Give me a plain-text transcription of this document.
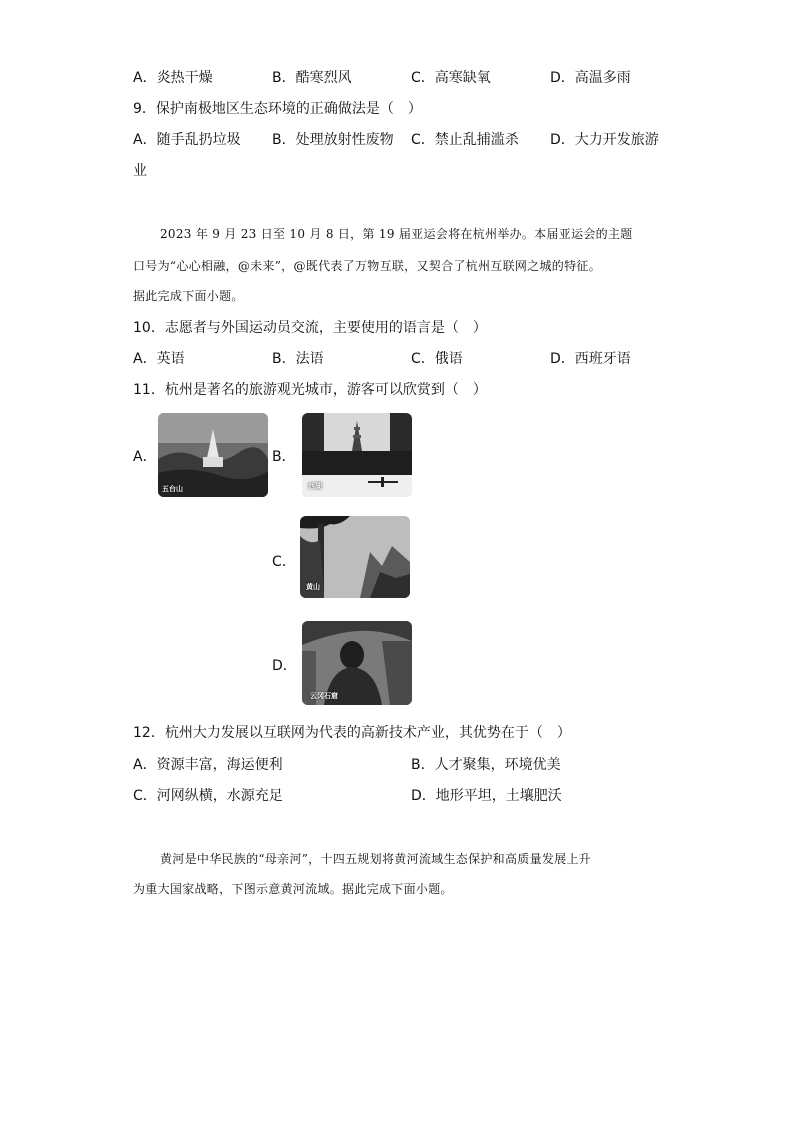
A．炎热干燥	B．酷寒烈风	C．高寒缺氧	D．高温多雨
9．保护南极地区生态环境的正确做法是（　）
A．随手乱扔垃圾 B．处理放射性废物 C．禁止乱捕滥杀 D．大力开发旅游
业
2023 年 9 月 23 日至 10 月 8 日，第 19 届亚运会将在杭州举办。本届亚运会的主题
口号为“心心相融，@未来”，@既代表了万物互联，又契合了杭州互联网之城的特征。
据此完成下面小题。
10．志愿者与外国运动员交流，主要使用的语言是（　）
A．英语	B．法语	C．俄语	D．西班牙语
11．杭州是著名的旅游观光城市，游客可以欣赏到（　）
A．
五台山
B．
西湖
C．
黄山
D．
云冈石窟
12．杭州大力发展以互联网为代表的高新技术产业，其优势在于（　）
A．资源丰富，海运便利	B．人才聚集，环境优美
C．河网纵横，水源充足	D．地形平坦，土壤肥沃
黄河是中华民族的“母亲河”，十四五规划将黄河流域生态保护和高质量发展上升
为重大国家战略，下图示意黄河流域。据此完成下面小题。
